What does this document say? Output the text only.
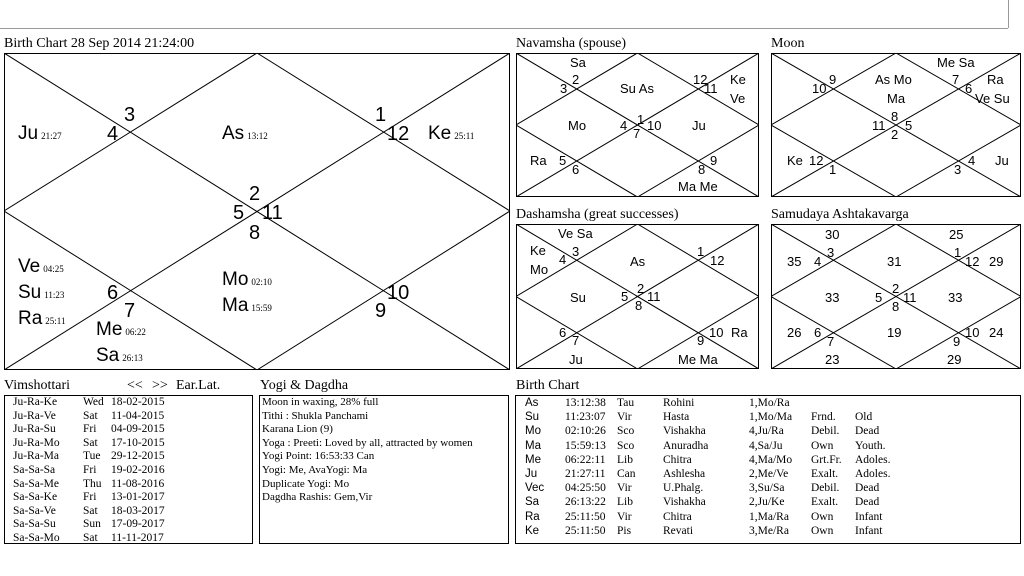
Birth Chart 28 Sep 2014 21:24:00
3
4
1
12
2
5 11
8
6
7
10
9
Ju 21:27	As 13:12	Ke 25:11
Ve 04:25
Su 11:23
Ra 25:11 Me 06:22
Sa 26:13
Mo 02:10
Ma 15:59
Navamsha (spouse)
Sa
2
3	Su As
12
11
Ke
Ve
Mo	4 1 10
7
Ju
Ra 5
6	8
9
Ma Me
Moon
Me Sa
10
9	As Mo
Ma
7
6
Ra
Ve Su
11
8
5
2
Ke 12
1	3
4 Ju
Dashamsha (great successes)
Ve Sa
Ke
Mo
4
3
As
1
12
Su	5
2
11
8
6
7	9
10 Ra
Ju	Me Ma
Samudaya Ashtakavarga
30	25
35 4
3
31
1
12 29
33	5
2
11
8
33
26 6
7
19
9
10 24
23	29
Vimshottari	<< >> Ear.Lat.
Ju-Ra-Ke	Wed 18-02-2015
Ju-Ra-Ve	Sat	11-04-2015
Ju-Ra-Su	Fri	04-09-2015
Ju-Ra-Mo	Sat	17-10-2015
Ju-Ra-Ma	Tue 29-12-2015
Sa-Sa-Sa	Fri	19-02-2016
Sa-Sa-Me	Thu 11-08-2016
Sa-Sa-Ke	Fri	13-01-2017
Sa-Sa-Ve	Sat	18-03-2017
Sa-Sa-Su	Sun 17-09-2017
Sa-Sa-Mo	Sat	11-11-2017
Yogi & Dagdha
Moon in waxing, 28% full
Tithi : Shukla Panchami
Karana Lion (9)
Yoga : Preeti: Loved by all, attracted by women
Yogi Point: 16:53:33 Can
Yogi: Me, AvaYogi: Ma
Duplicate Yogi: Mo
Dagdha Rashis: Gem,Vir
Birth Chart
As	13:12:38 Tau	Rohini	1,Mo/Ra
Su	11:23:07	Vir	Hasta	1,Mo/Ma	Frnd.	Old
Mo	02:10:26 Sco	Vishakha	4,Ju/Ra	Debil.	Dead
Ma	15:59:13 Sco	Anuradha	4,Sa/Ju	Own	Youth.
Me	06:22:11	Lib	Chitra	4,Ma/Mo	Grt.Fr.	Adoles.
Ju	21:27:11	Can	Ashlesha	2,Me/Ve	Exalt.	Adoles.
Vec	04:25:50 Vir	U.Phalg.	3,Su/Sa	Debil.	Dead
Sa	26:13:22 Lib	Vishakha	2,Ju/Ke	Exalt.	Dead
Ra	25:11:50	Vir	Chitra	1,Ma/Ra	Own	Infant
Ke	25:11:50	Pis	Revati	3,Me/Ra	Own	Infant
